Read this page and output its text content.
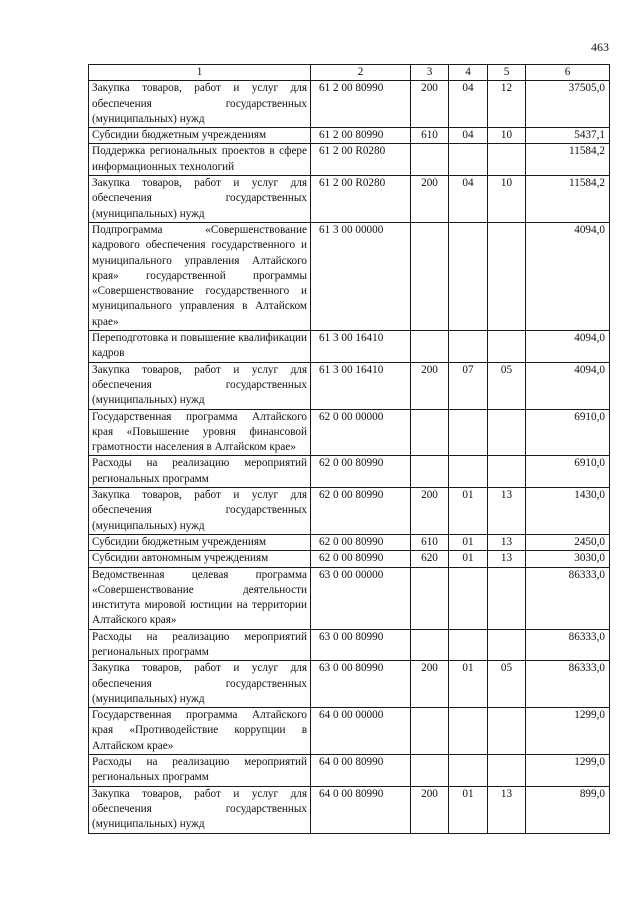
463
1	2	3	4	5	6
Закупка товаров, работ и услуг для обеспечения государственных (муниципальных) нужд	61 2 00 80990	200	04	12	37505,0
Субсидии бюджетным учреждениям	61 2 00 80990	610	04	10	5437,1
Поддержка региональных проектов в сфере информационных технологий	61 2 00 R0280				11584,2
Закупка товаров, работ и услуг для обеспечения государственных (муниципальных) нужд	61 2 00 R0280	200	04	10	11584,2
Подпрограмма «Совершенствование кадрового обеспечения государственного и муниципального управления Алтайского края» государственной программы «Совершенствование государственного и муниципального управления в Алтайском крае»	61 3 00 00000				4094,0
Переподготовка и повышение квалификации кадров	61 3 00 16410				4094,0
Закупка товаров, работ и услуг для обеспечения государственных (муниципальных) нужд	61 3 00 16410	200	07	05	4094,0
Государственная программа Алтайского края «Повышение уровня финансовой грамотности населения в Алтайском крае»	62 0 00 00000				6910,0
Расходы на реализацию мероприятий региональных программ	62 0 00 80990				6910,0
Закупка товаров, работ и услуг для обеспечения государственных (муниципальных) нужд	62 0 00 80990	200	01	13	1430,0
Субсидии бюджетным учреждениям	62 0 00 80990	610	01	13	2450,0
Субсидии автономным учреждениям	62 0 00 80990	620	01	13	3030,0
Ведомственная целевая программа «Совершенствование деятельности института мировой юстиции на территории Алтайского края»	63 0 00 00000				86333,0
Расходы на реализацию мероприятий региональных программ	63 0 00 80990				86333,0
Закупка товаров, работ и услуг для обеспечения государственных (муниципальных) нужд	63 0 00 80990	200	01	05	86333,0
Государственная программа Алтайского края «Противодействие коррупции в Алтайском крае»	64 0 00 00000				1299,0
Расходы на реализацию мероприятий региональных программ	64 0 00 80990				1299,0
Закупка товаров, работ и услуг для обеспечения государственных (муниципальных) нужд	64 0 00 80990	200	01	13	899,0
